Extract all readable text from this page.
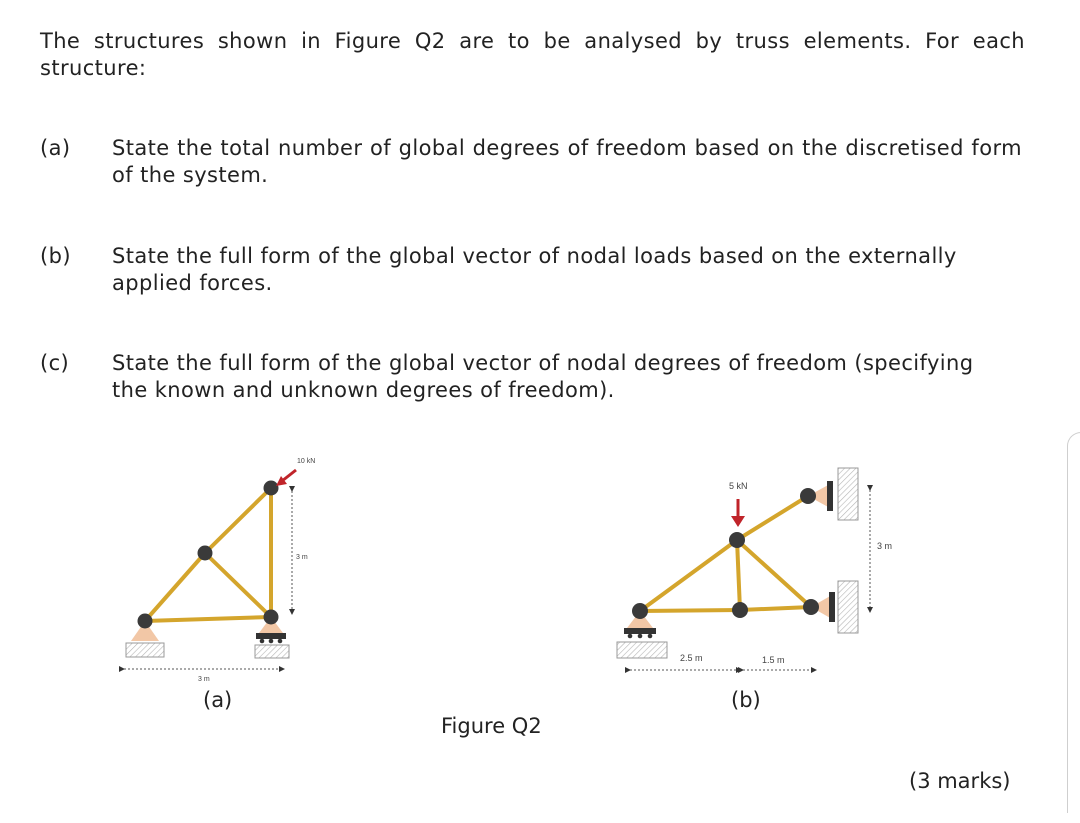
The structures shown in Figure Q2 are to be analysed by truss elements. For each structure:
(a) State the total number of global degrees of freedom based on the discretised form of the system.
(b) State the full form of the global vector of nodal loads based on the externally applied forces.
(c) State the full form of the global vector of nodal degrees of freedom (specifying the known and unknown degrees of freedom).
10 kN
3 m
3 m
5 kN
3 m
2.5 m	1.5 m
(a)	(b)
Figure Q2
(3 marks)
